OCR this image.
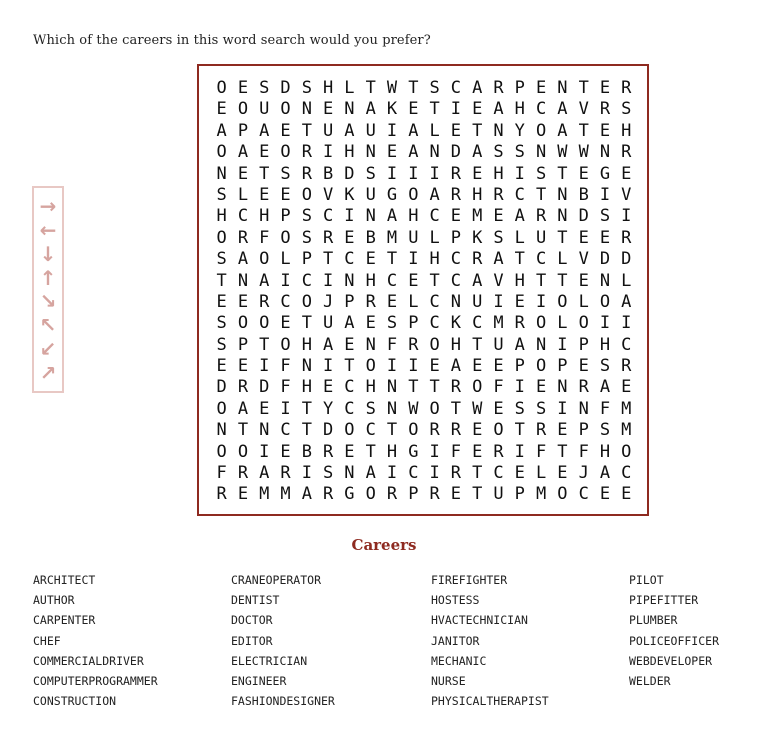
Which of the careers in this word search would you prefer?
→
←
↓
↑
↘
↖
↙
↗
O E S D S H L T W T S C A R P E N T E R
E O U O N E N A K E T I E A H C A V R S
A P A E T U A U I A L E T N Y O A T E H
O A E O R I H N E A N D A S S N W W N R
N E T S R B D S I I I R E H I S T E G E
S L E E O V K U G O A R H R C T N B I V
H C H P S C I N A H C E M E A R N D S I
O R F O S R E B M U L P K S L U T E E R
S A O L P T C E T I H C R A T C L V D D
T N A I C I N H C E T C A V H T T E N L
E E R C O J P R E L C N U I E I O L O A
S O O E T U A E S P C K C M R O L O I I
S P T O H A E N F R O H T U A N I P H C
E E I F N I T O I I E A E E P O P E S R
D R D F H E C H N T T R O F I E N R A E
O A E I T Y C S N W O T W E S S I N F M
N T N C T D O C T O R R E O T R E P S M
O O I E B R E T H G I F E R I F T F H O
F R A R I S N A I C I R T C E L E J A C
R E M M A R G O R P R E T U P M O C E E
Careers
ARCHITECT
AUTHOR
CARPENTER
CHEF
COMMERCIALDRIVER
COMPUTERPROGRAMMER
CONSTRUCTION
CRANEOPERATOR
DENTIST
DOCTOR
EDITOR
ELECTRICIAN
ENGINEER
FASHIONDESIGNER
FIREFIGHTER
HOSTESS
HVACTECHNICIAN
JANITOR
MECHANIC
NURSE
PHYSICALTHERAPIST
PILOT
PIPEFITTER
PLUMBER
POLICEOFFICER
WEBDEVELOPER
WELDER
